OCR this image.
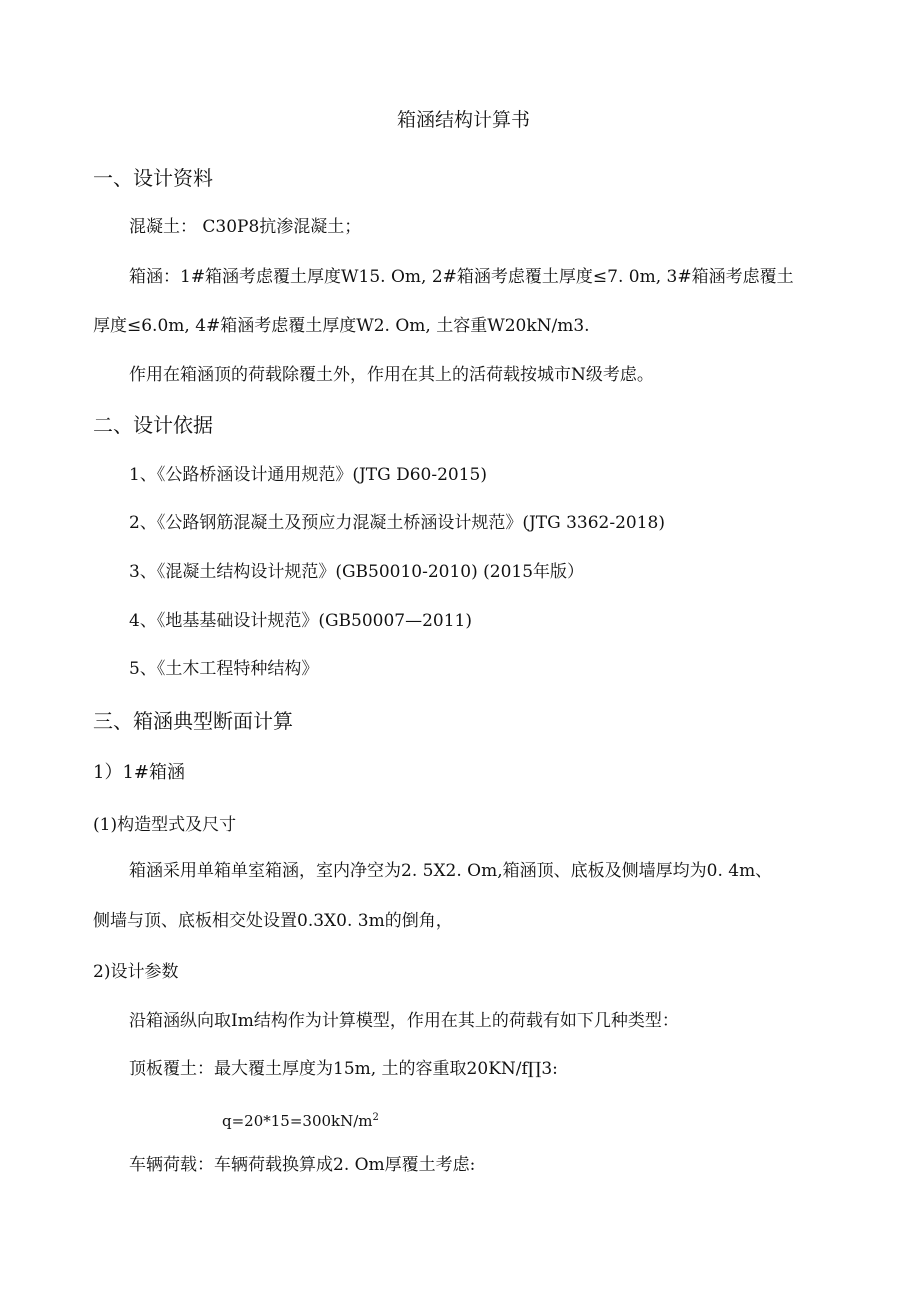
箱涵结构计算书
一、设计资料
混凝土： C30P8抗渗混凝土；
箱涵：1#箱涵考虑覆土厚度W15. Om, 2#箱涵考虑覆土厚度≤7. 0m, 3#箱涵考虑覆土
厚度≤6.0m, 4#箱涵考虑覆土厚度W2. Om, 土容重W20kN∕m3.
作用在箱涵顶的荷载除覆土外，作用在其上的活荷载按城市N级考虑。
二、设计依据
1、《公路桥涵设计通用规范》(JTG D60-2015)
2、《公路钢筋混凝土及预应力混凝土桥涵设计规范》(JTG 3362-2018)
3、《混凝土结构设计规范》(GB50010-2010) (2015年版）
4、《地基基础设计规范》(GB50007—2011)
5、《土木工程特种结构》
三、箱涵典型断面计算
1）1#箱涵
(1)构造型式及尺寸
箱涵采用单箱单室箱涵，室内净空为2. 5X2. Om,箱涵顶、底板及侧墙厚均为0. 4m、
侧墙与顶、底板相交处设置0.3X0. 3m的倒角，
2)设计参数
沿箱涵纵向取Im结构作为计算模型，作用在其上的荷载有如下几种类型：
顶板覆土：最大覆土厚度为15m, 土的容重取20KN∕f∏3:
$q=20*15=300kN∕m^2$
车辆荷载：车辆荷载换算成2. Om厚覆土考虑:
